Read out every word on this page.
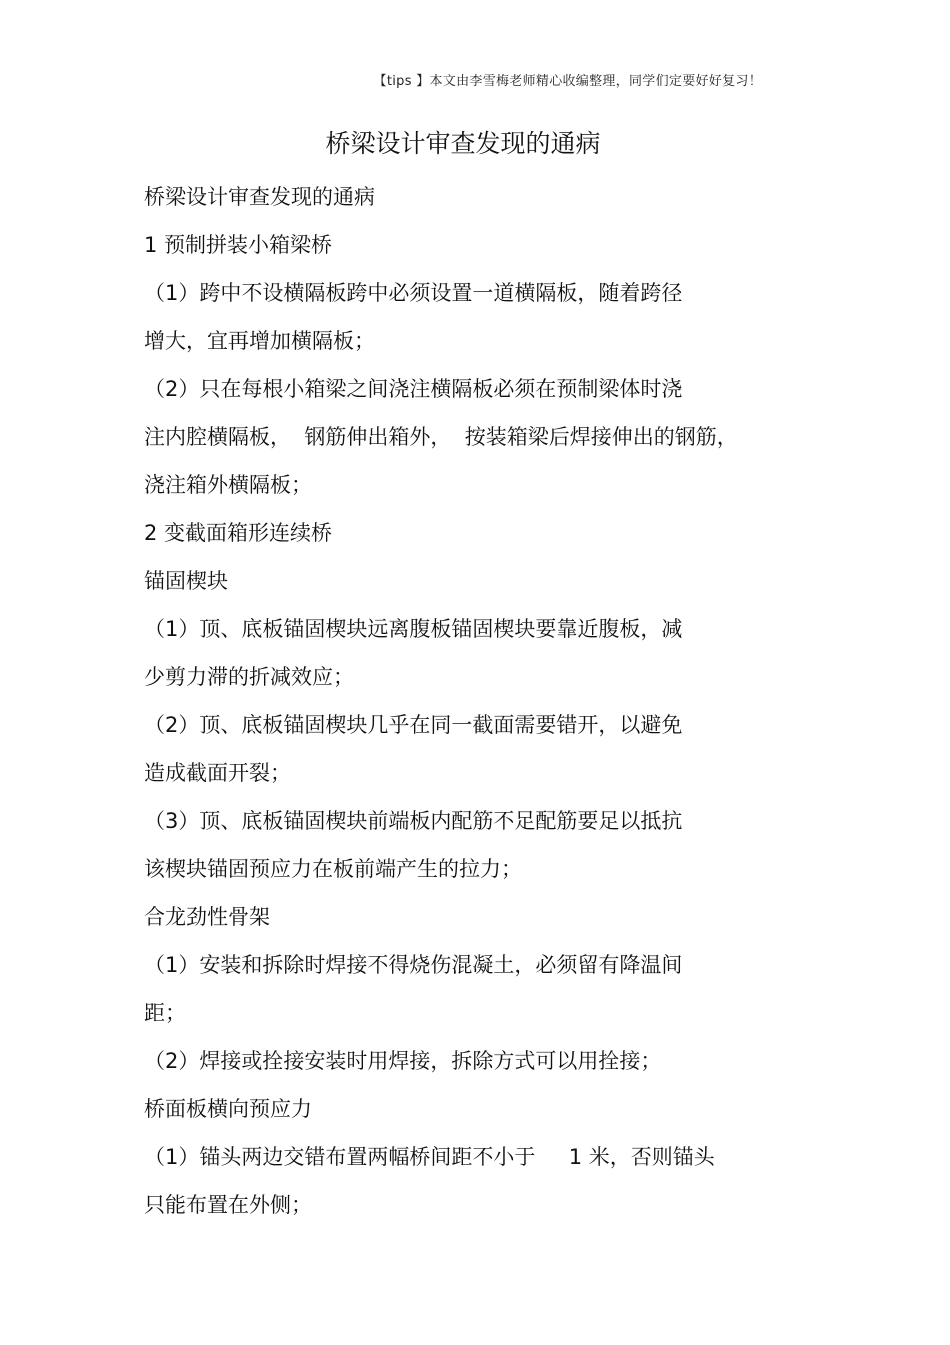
【tips 】本文由李雪梅老师精心收编整理，同学们定要好好复习！
桥梁设计审查发现的通病
桥梁设计审查发现的通病
1 预制拼装小箱梁桥
（1）跨中不设横隔板跨中必须设置一道横隔板，随着跨径
增大，宜再增加横隔板；
（2）只在每根小箱梁之间浇注横隔板必须在预制梁体时浇
注内腔横隔板，  钢筋伸出箱外，  按装箱梁后焊接伸出的钢筋，
浇注箱外横隔板；
2 变截面箱形连续桥
锚固楔块
（1）顶、底板锚固楔块远离腹板锚固楔块要靠近腹板，减
少剪力滞的折减效应；
（2）顶、底板锚固楔块几乎在同一截面需要错开，以避免
造成截面开裂；
（3）顶、底板锚固楔块前端板内配筋不足配筋要足以抵抗
该楔块锚固预应力在板前端产生的拉力；
合龙劲性骨架
（1）安装和拆除时焊接不得烧伤混凝土，必须留有降温间
距；
（2）焊接或拴接安装时用焊接，拆除方式可以用拴接；
桥面板横向预应力
（1）锚头两边交错布置两幅桥间距不小于     1 米，否则锚头
只能布置在外侧；
